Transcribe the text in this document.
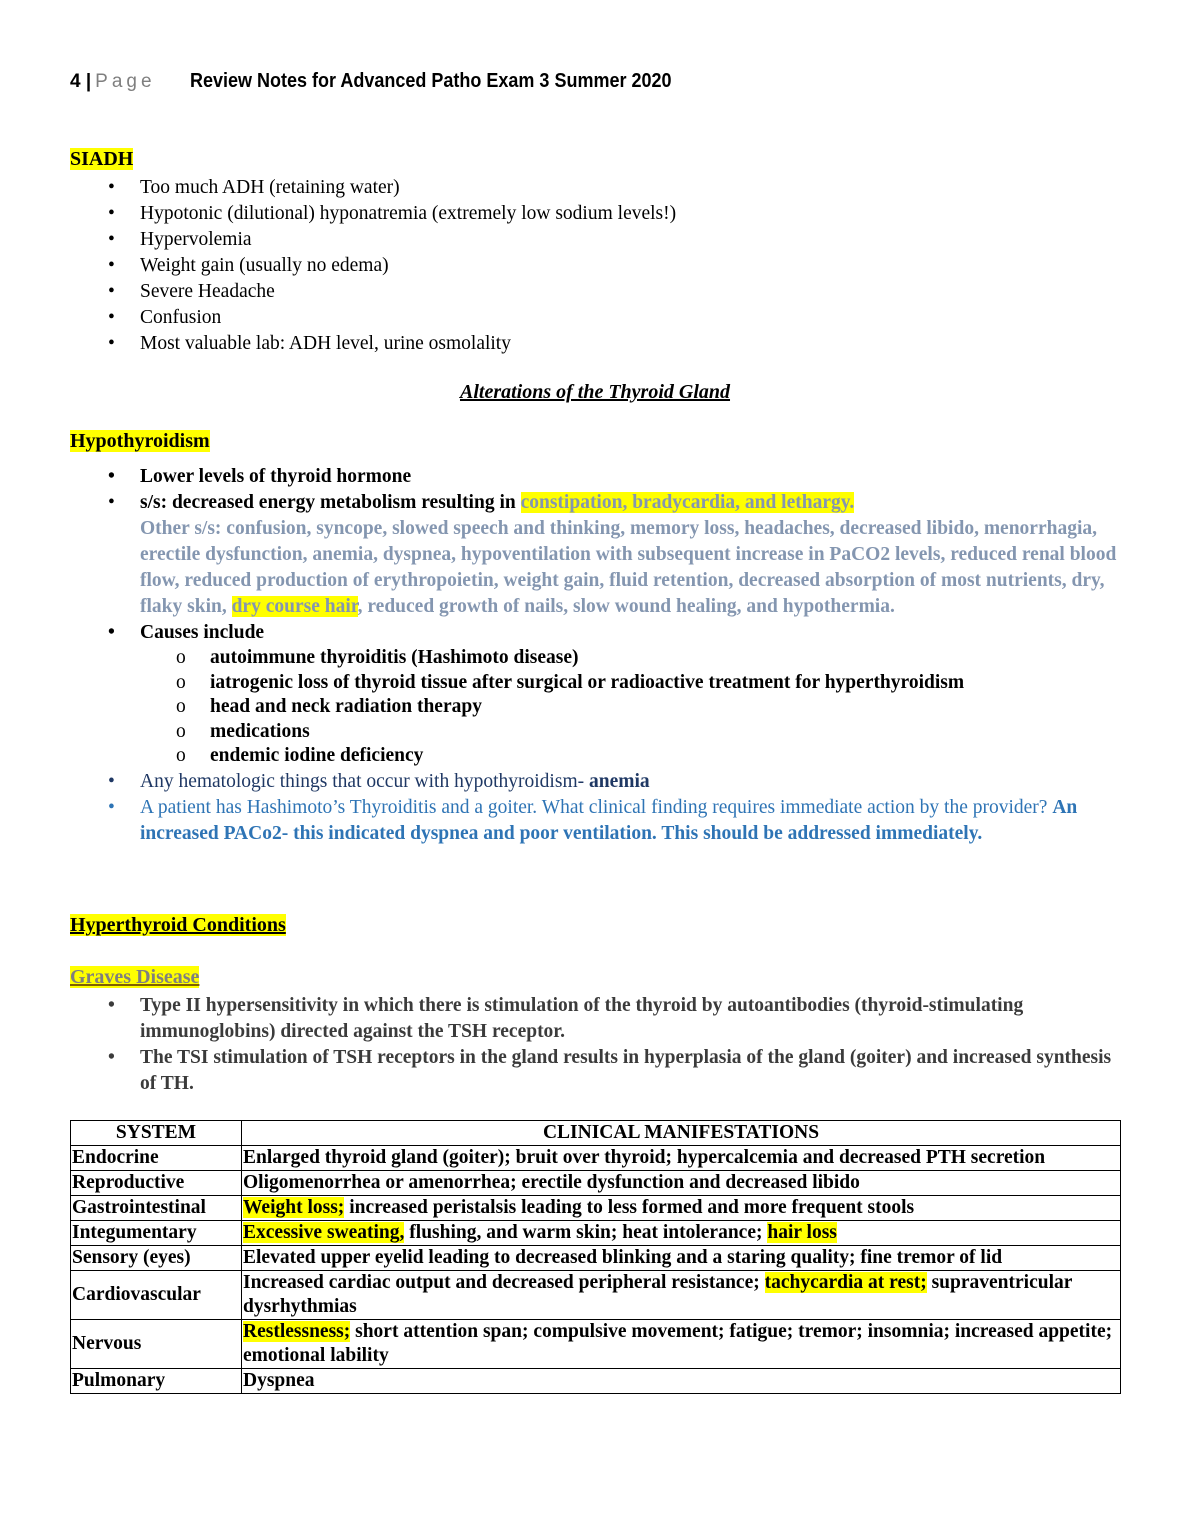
4 | Page Review Notes for Advanced Patho Exam 3 Summer 2020
SIADH
• Too much ADH (retaining water)
• Hypotonic (dilutional) hyponatremia (extremely low sodium levels!)
• Hypervolemia
• Weight gain (usually no edema)
• Severe Headache
• Confusion
• Most valuable lab: ADH level, urine osmolality
Alterations of the Thyroid Gland
Hypothyroidism
• Lower levels of thyroid hormone
• s/s: decreased energy metabolism resulting in constipation, bradycardia, and lethargy.
Other s/s: confusion, syncope, slowed speech and thinking, memory loss, headaches, decreased libido, menorrhagia, erectile dysfunction, anemia, dyspnea, hypoventilation with subsequent increase in PaCO2 levels, reduced renal blood flow, reduced production of erythropoietin, weight gain, fluid retention, decreased absorption of most nutrients, dry, flaky skin, dry course hair, reduced growth of nails, slow wound healing, and hypothermia.
• Causes include
o autoimmune thyroiditis (Hashimoto disease)
o iatrogenic loss of thyroid tissue after surgical or radioactive treatment for hyperthyroidism
o head and neck radiation therapy
o medications
o endemic iodine deficiency
• Any hematologic things that occur with hypothyroidism- anemia
• A patient has Hashimoto’s Thyroiditis and a goiter. What clinical finding requires immediate action by the provider? An increased PACo2- this indicated dyspnea and poor ventilation. This should be addressed immediately.
Hyperthyroid Conditions
Graves Disease
• Type II hypersensitivity in which there is stimulation of the thyroid by autoantibodies (thyroid-stimulating immunoglobins) directed against the TSH receptor.
• The TSI stimulation of TSH receptors in the gland results in hyperplasia of the gland (goiter) and increased synthesis of TH.
SYSTEM	CLINICAL MANIFESTATIONS
Endocrine	Enlarged thyroid gland (goiter); bruit over thyroid; hypercalcemia and decreased PTH secretion
Reproductive	Oligomenorrhea or amenorrhea; erectile dysfunction and decreased libido
Gastrointestinal	Weight loss; increased peristalsis leading to less formed and more frequent stools
Integumentary	Excessive sweating, flushing, and warm skin; heat intolerance; hair loss
Sensory (eyes)	Elevated upper eyelid leading to decreased blinking and a staring quality; fine tremor of lid
Cardiovascular	Increased cardiac output and decreased peripheral resistance; tachycardia at rest; supraventricular dysrhythmias
Nervous	Restlessness; short attention span; compulsive movement; fatigue; tremor; insomnia; increased appetite; emotional lability
Pulmonary	Dyspnea
